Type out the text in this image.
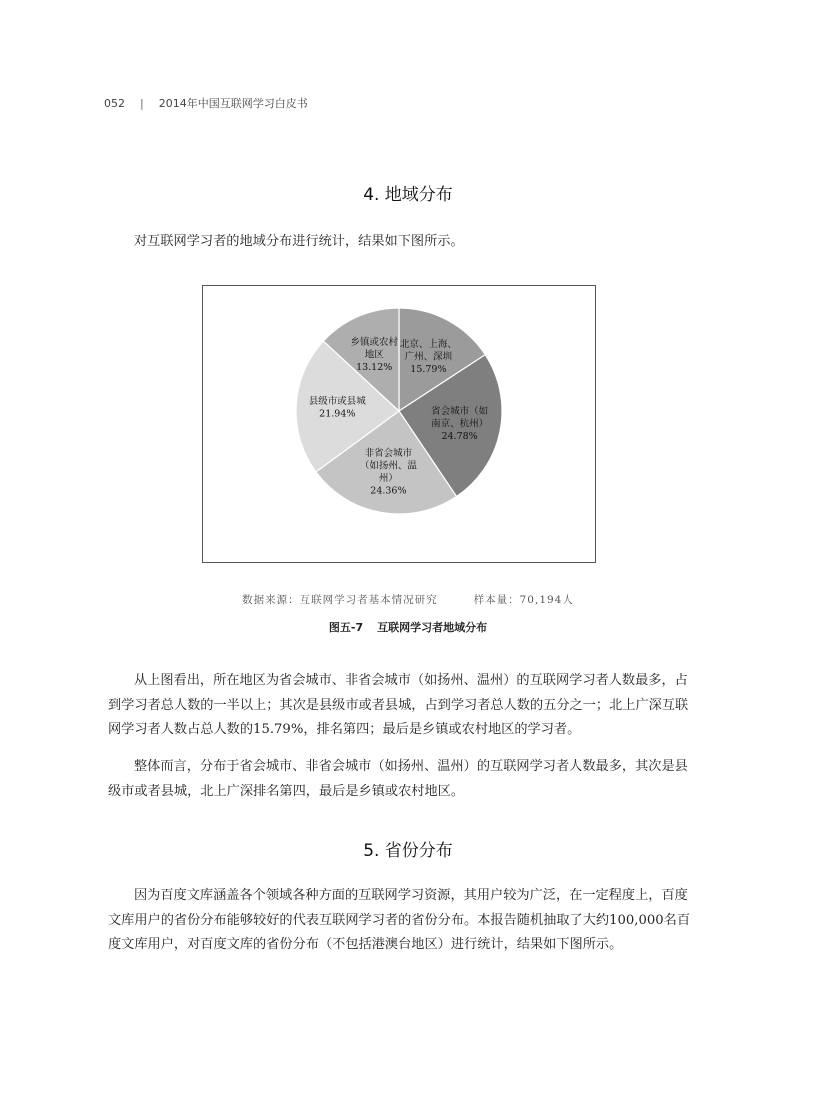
052 | 2014年中国互联网学习白皮书
4. 地域分布

对互联网学习者的地域分布进行统计，结果如下图所示。

北京、上海、
广州、深圳
15.79%
省会城市（如
南京、杭州）
24.78%
非省会城市
（如扬州、温
州）
24.36%
县级市或县城
21.94%
乡镇或农村
地区
13.12%
数据来源：互联网学习者基本情况研究	样本量：70,194人
图五-7 互联网学习者地域分布

从上图看出，所在地区为省会城市、非省会城市（如扬州、温州）的互联网学习者人数最多，占到学习者总人数的一半以上；其次是县级市或者县城，占到学习者总人数的五分之一；北上广深互联网学习者人数占总人数的15.79%，排名第四；最后是乡镇或农村地区的学习者。

整体而言，分布于省会城市、非省会城市（如扬州、温州）的互联网学习者人数最多，其次是县级市或者县城，北上广深排名第四，最后是乡镇或农村地区。

5. 省份分布

因为百度文库涵盖各个领域各种方面的互联网学习资源，其用户较为广泛，在一定程度上，百度文库用户的省份分布能够较好的代表互联网学习者的省份分布。本报告随机抽取了大约100,000名百度文库用户，对百度文库的省份分布（不包括港澳台地区）进行统计，结果如下图所示。
